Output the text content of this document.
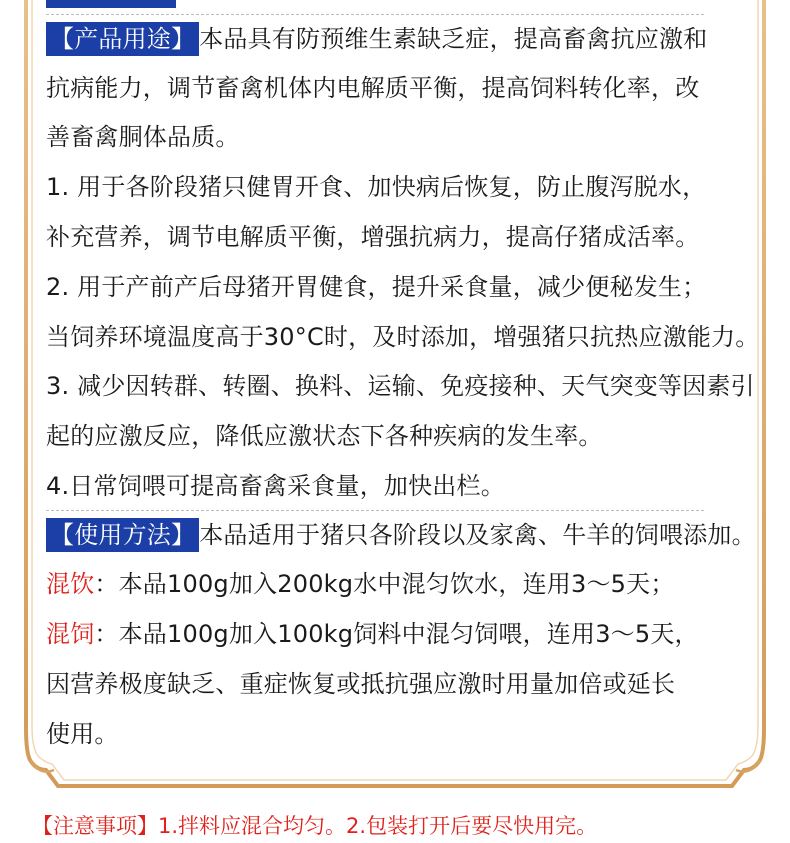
【产品用途】 本品具有防预维生素缺乏症，提高畜禽抗应激和
抗病能力，调节畜禽机体内电解质平衡，提高饲料转化率，改
善畜禽胴体品质。
1. 用于各阶段猪只健胃开食、加快病后恢复，防止腹泻脱水，
补充营养，调节电解质平衡，增强抗病力，提高仔猪成活率。
2. 用于产前产后母猪开胃健食，提升采食量，减少便秘发生；
当饲养环境温度高于30°C时，及时添加，增强猪只抗热应激能力。
3. 减少因转群、转圈、换料、运输、免疫接种、天气突变等因素引
起的应激反应，降低应激状态下各种疾病的发生率。
4.日常饲喂可提高畜禽采食量，加快出栏。
【使用方法】 本品适用于猪只各阶段以及家禽、牛羊的饲喂添加。
混饮：本品100g加入200kg水中混匀饮水，连用3～5天；
混饲：本品100g加入100kg饲料中混匀饲喂，连用3～5天，
因营养极度缺乏、重症恢复或抵抗强应激时用量加倍或延长
使用。
【注意事项】1.拌料应混合均匀。2.包装打开后要尽快用完。
